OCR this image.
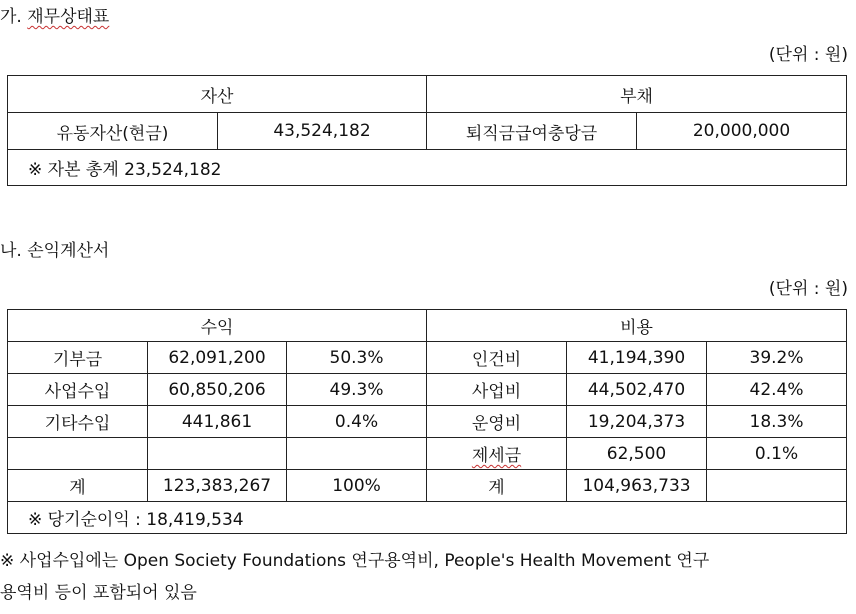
가. 재무상태표
(단위 : 원)
자산		부채	
유동자산(현금)	43,524,182	퇴직금급여충당금	20,000,000
※ 자본 총계 23,524,182			
나. 손익계산서
(단위 : 원)
수익			비용		
기부금	62,091,200	50.3%	인건비	41,194,390	39.2%
사업수입	60,850,206	49.3%	사업비	44,502,470	42.4%
기타수입	441,861	0.4%	운영비	19,204,373	18.3%
			제세금	62,500	0.1%
계	123,383,267	100%	계	104,963,733	
※ 당기순이익 : 18,419,534					
※ 사업수입에는 Open Society Foundations 연구용역비, People's Health Movement 연구
용역비 등이 포함되어 있음
